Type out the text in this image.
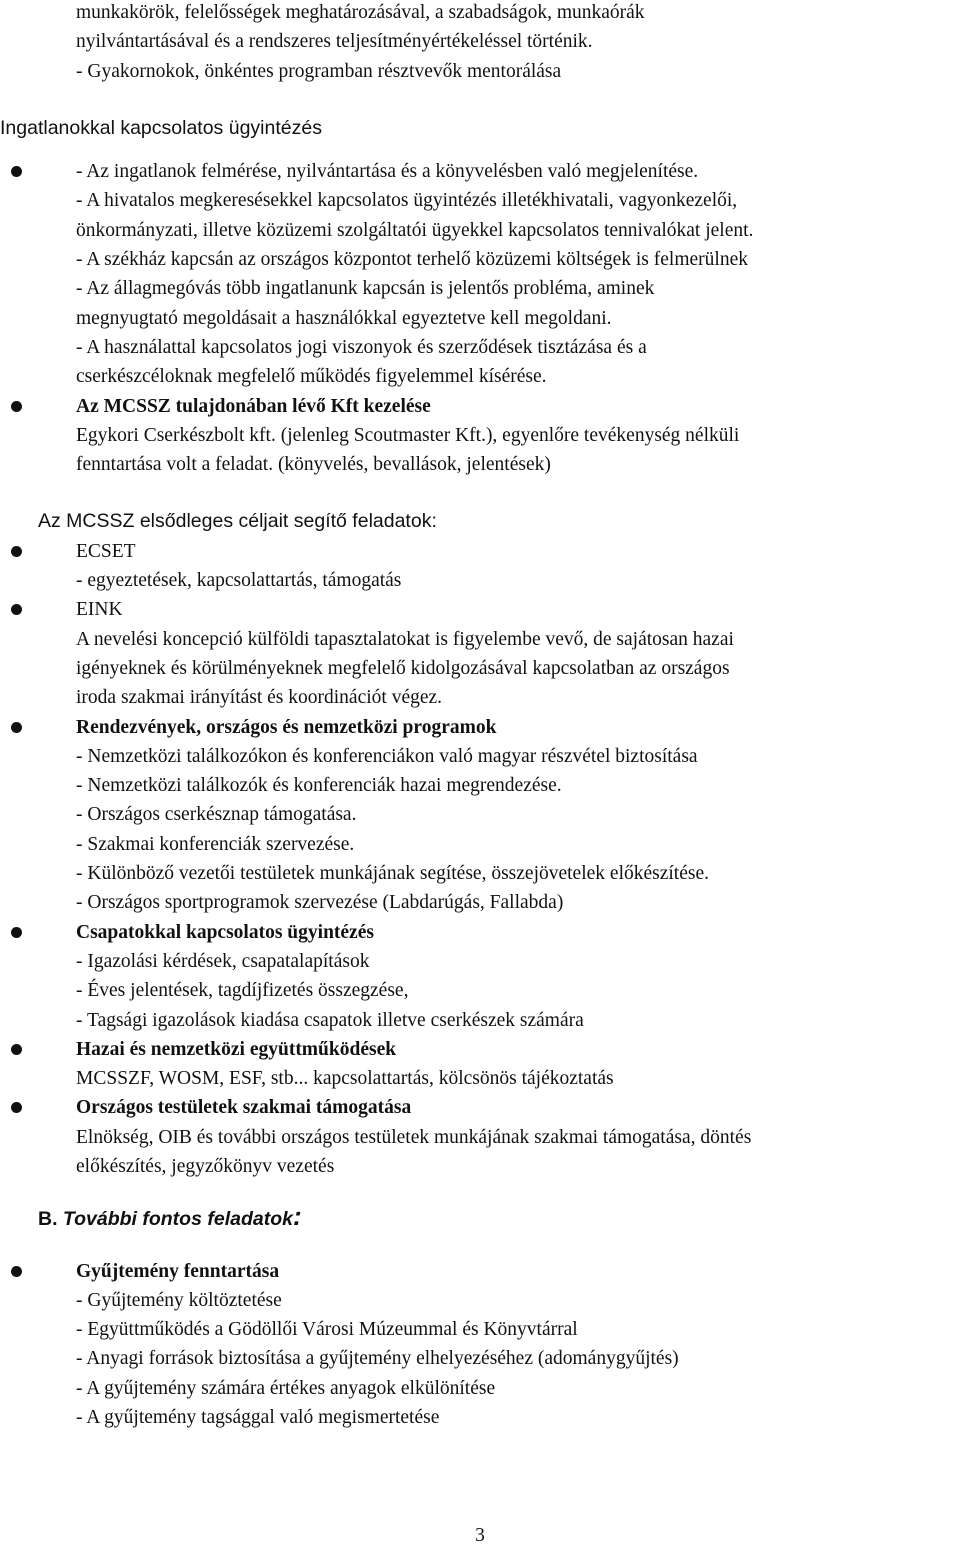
munkakörök, felelősségek meghatározásával, a szabadságok, munkaórák

nyilvántartásával és a rendszeres teljesítményértékeléssel történik.

- Gyakornokok, önkéntes programban résztvevők mentorálása

Ingatlanokkal kapcsolatos ügyintézés

- Az ingatlanok felmérése, nyilvántartása és a könyvelésben való megjelenítése.

- A hivatalos megkeresésekkel kapcsolatos ügyintézés illetékhivatali, vagyonkezelői,

önkormányzati, illetve közüzemi szolgáltatói ügyekkel kapcsolatos tennivalókat jelent.

- A székház kapcsán az országos központot terhelő közüzemi költségek is felmerülnek

- Az állagmegóvás több ingatlanunk kapcsán is jelentős probléma, aminek

megnyugtató megoldásait a használókkal egyeztetve kell megoldani.

- A használattal kapcsolatos jogi viszonyok és szerződések tisztázása és a

cserkészcéloknak megfelelő működés figyelemmel kísérése.

Az MCSSZ tulajdonában lévő Kft kezelése

Egykori Cserkészbolt kft. (jelenleg Scoutmaster Kft.), egyenlőre tevékenység nélküli

fenntartása volt a feladat. (könyvelés, bevallások, jelentések)

Az MCSSZ elsődleges céljait segítő feladatok:

ECSET

- egyeztetések, kapcsolattartás, támogatás

EINK

A nevelési koncepció külföldi tapasztalatokat is figyelembe vevő, de sajátosan hazai

igényeknek és körülményeknek megfelelő kidolgozásával kapcsolatban az országos

iroda szakmai irányítást és koordinációt végez.

Rendezvények, országos és nemzetközi programok

- Nemzetközi találkozókon és konferenciákon való magyar részvétel biztosítása

- Nemzetközi találkozók és konferenciák hazai megrendezése.

- Országos cserkésznap támogatása.

- Szakmai konferenciák szervezése.

- Különböző vezetői testületek munkájának segítése, összejövetelek előkészítése.

- Országos sportprogramok szervezése (Labdarúgás, Fallabda)

Csapatokkal kapcsolatos ügyintézés

- Igazolási kérdések, csapatalapítások

- Éves jelentések, tagdíjfizetés összegzése,

- Tagsági igazolások kiadása csapatok illetve cserkészek számára

Hazai és nemzetközi együttműködések

MCSSZF, WOSM, ESF, stb... kapcsolattartás, kölcsönös tájékoztatás

Országos testületek szakmai támogatása

Elnökség, OIB és további országos testületek munkájának szakmai támogatása, döntés

előkészítés, jegyzőkönyv vezetés

B. További fontos feladatok:

Gyűjtemény fenntartása

- Gyűjtemény költöztetése

- Együttműködés a Gödöllői Városi Múzeummal és Könyvtárral

- Anyagi források biztosítása a gyűjtemény elhelyezéséhez (adománygyűjtés)

- A gyűjtemény számára értékes anyagok elkülönítése

- A gyűjtemény tagsággal való megismertetése

3
